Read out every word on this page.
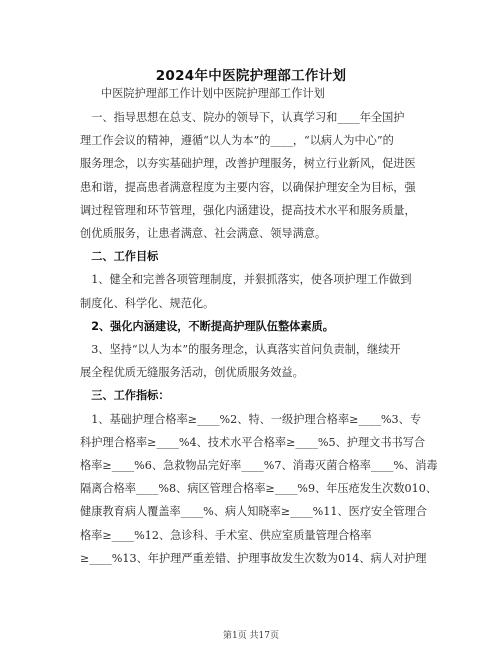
2024年中医院护理部工作计划
中医院护理部工作计划中医院护理部工作计划
　一、指导思想在总支、院办的领导下，认真学习和____年全国护
理工作会议的精神，遵循“以人为本”的____，“以病人为中心”的
服务理念，以夯实基础护理，改善护理服务，树立行业新风，促进医
患和谐，提高患者满意程度为主要内容，以确保护理安全为目标，强
调过程管理和环节管理，强化内涵建设，提高技术水平和服务质量，
创优质服务，让患者满意、社会满意、领导满意。
　二、工作目标
　1、健全和完善各项管理制度，并狠抓落实，使各项护理工作做到
制度化、科学化、规范化。
　2、强化内涵建设，不断提高护理队伍整体素质。
　3、坚持“以人为本”的服务理念，认真落实首问负责制，继续开
展全程优质无缝服务活动，创优质服务效益。
　三、工作指标：
　1、基础护理合格率≥____%2、特、一级护理合格率≥____%3、专
科护理合格率≥____%4、技术水平合格率≥____%5、护理文书书写合
格率≥____%6、急救物品完好率____%7、消毒灭菌合格率____%、消毒
隔离合格率____%8、病区管理合格率≥____%9、年压疮发生次数010、
健康教育病人覆盖率____%、病人知晓率≥____%11、医疗安全管理合
格率≥____%12、急诊科、手术室、供应室质量管理合格率
≥____%13、年护理严重差错、护理事故发生次数为014、病人对护理
第1页 共17页
